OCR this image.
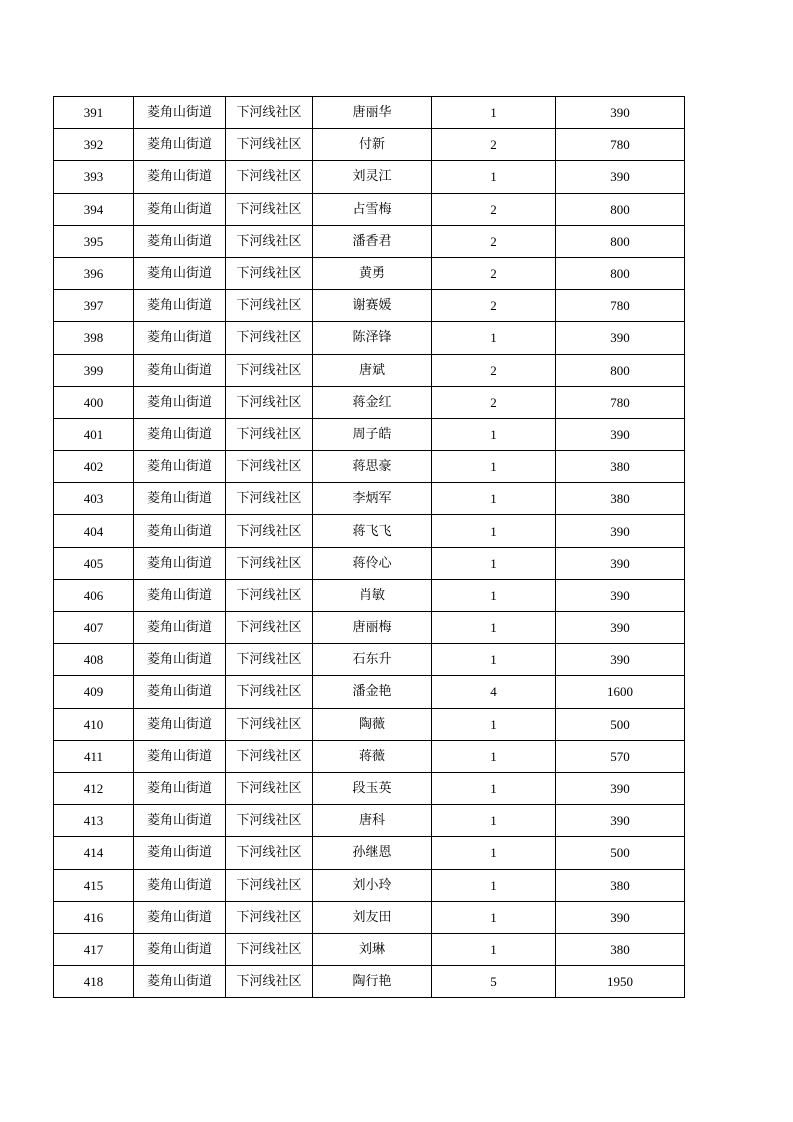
391	菱角山街道	下河线社区	唐丽华	1	390
392	菱角山街道	下河线社区	付新	2	780
393	菱角山街道	下河线社区	刘灵江	1	390
394	菱角山街道	下河线社区	占雪梅	2	800
395	菱角山街道	下河线社区	潘香君	2	800
396	菱角山街道	下河线社区	黄勇	2	800
397	菱角山街道	下河线社区	谢赛媛	2	780
398	菱角山街道	下河线社区	陈泽锋	1	390
399	菱角山街道	下河线社区	唐斌	2	800
400	菱角山街道	下河线社区	蒋金红	2	780
401	菱角山街道	下河线社区	周子皓	1	390
402	菱角山街道	下河线社区	蒋思豪	1	380
403	菱角山街道	下河线社区	李炳军	1	380
404	菱角山街道	下河线社区	蒋飞飞	1	390
405	菱角山街道	下河线社区	蒋伶心	1	390
406	菱角山街道	下河线社区	肖敏	1	390
407	菱角山街道	下河线社区	唐丽梅	1	390
408	菱角山街道	下河线社区	石东升	1	390
409	菱角山街道	下河线社区	潘金艳	4	1600
410	菱角山街道	下河线社区	陶薇	1	500
411	菱角山街道	下河线社区	蒋薇	1	570
412	菱角山街道	下河线社区	段玉英	1	390
413	菱角山街道	下河线社区	唐科	1	390
414	菱角山街道	下河线社区	孙继恩	1	500
415	菱角山街道	下河线社区	刘小玲	1	380
416	菱角山街道	下河线社区	刘友田	1	390
417	菱角山街道	下河线社区	刘琳	1	380
418	菱角山街道	下河线社区	陶行艳	5	1950
